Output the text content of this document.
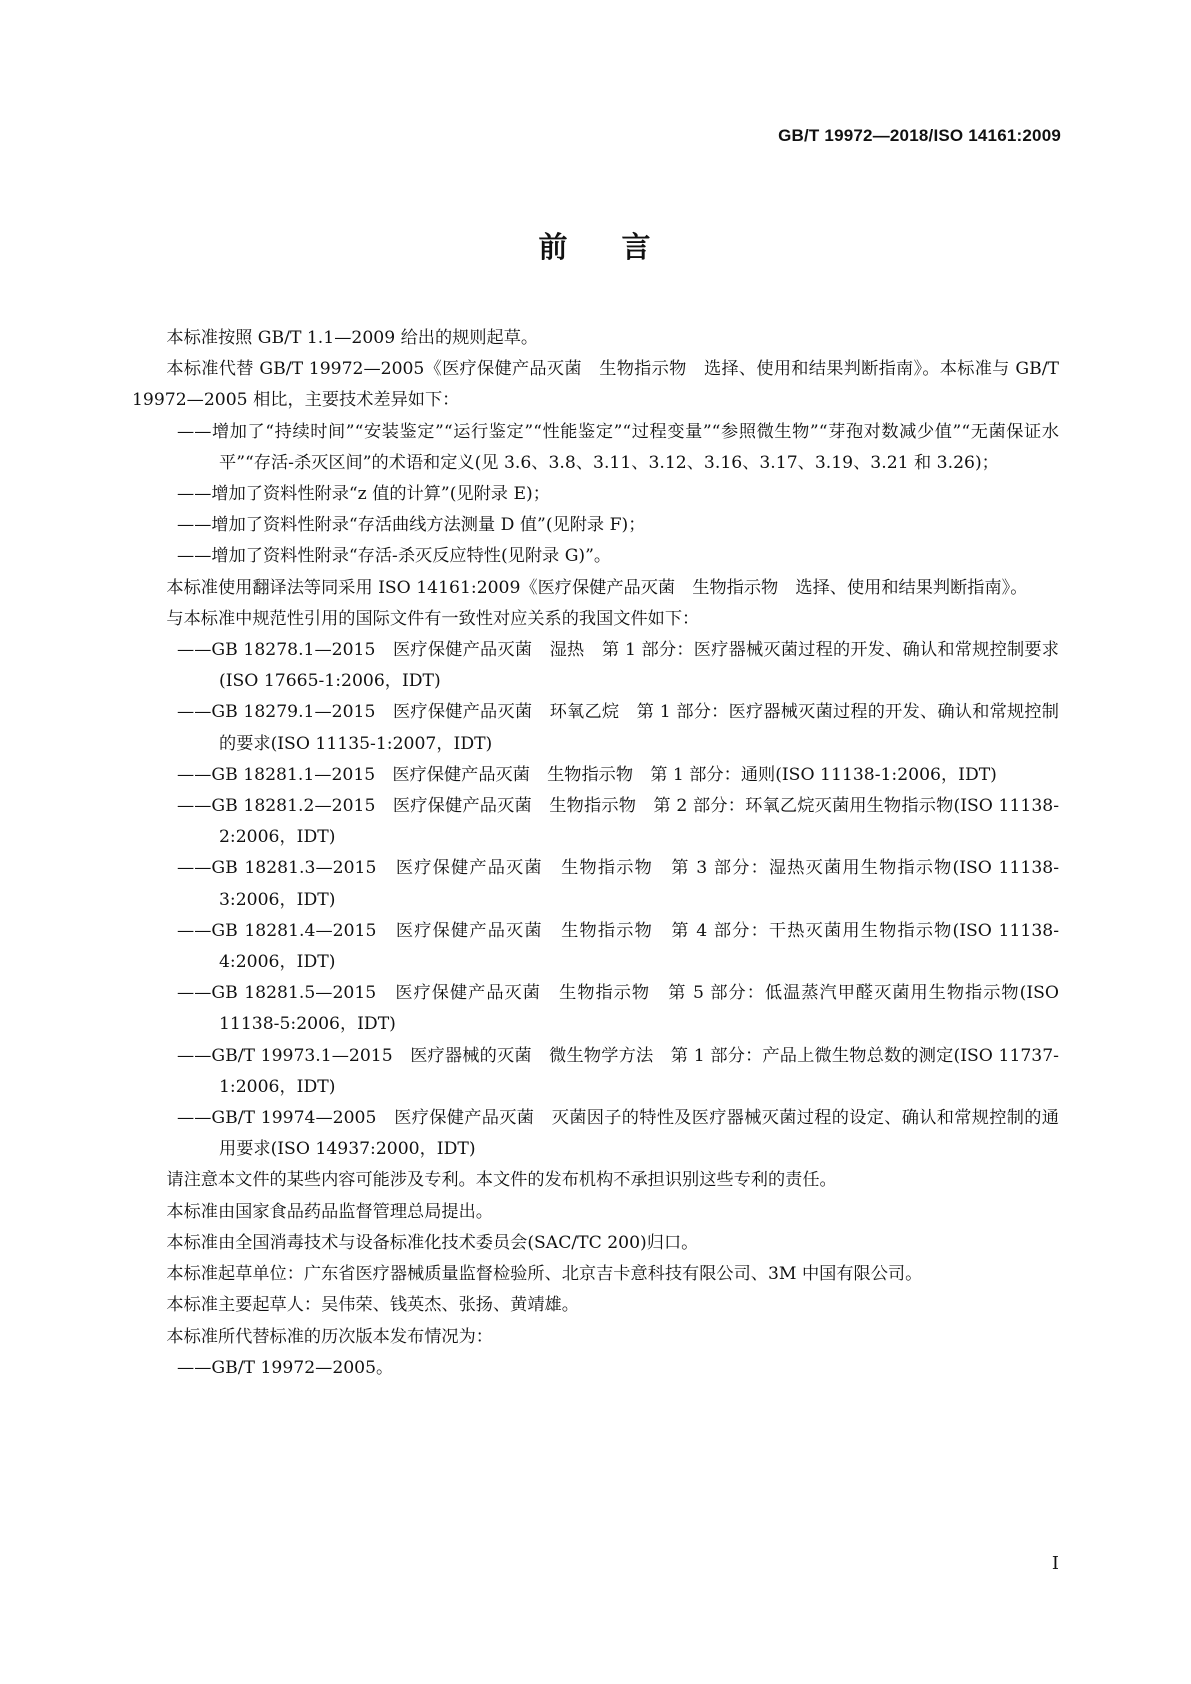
GB/T 19972—2018/ISO 14161:2009
前 言
本标准按照 GB/T 1.1—2009 给出的规则起草。
本标准代替 GB/T 19972—2005《医疗保健产品灭菌　生物指示物　选择、使用和结果判断指南》。本标准与 GB/T 19972—2005 相比，主要技术差异如下：
——增加了“持续时间”“安装鉴定”“运行鉴定”“性能鉴定”“过程变量”“参照微生物”“芽孢对数减少值”“无菌保证水平”“存活-杀灭区间”的术语和定义(见 3.6、3.8、3.11、3.12、3.16、3.17、3.19、3.21 和 3.26)；
——增加了资料性附录“z 值的计算”(见附录 E)；
——增加了资料性附录“存活曲线方法测量 D 值”(见附录 F)；
——增加了资料性附录“存活-杀灭反应特性(见附录 G)”。
本标准使用翻译法等同采用 ISO 14161:2009《医疗保健产品灭菌　生物指示物　选择、使用和结果判断指南》。
与本标准中规范性引用的国际文件有一致性对应关系的我国文件如下：
——GB 18278.1—2015　医疗保健产品灭菌　湿热　第 1 部分：医疗器械灭菌过程的开发、确认和常规控制要求(ISO 17665-1:2006，IDT)
——GB 18279.1—2015　医疗保健产品灭菌　环氧乙烷　第 1 部分：医疗器械灭菌过程的开发、确认和常规控制的要求(ISO 11135-1:2007，IDT)
——GB 18281.1—2015　医疗保健产品灭菌　生物指示物　第 1 部分：通则(ISO 11138-1:2006，IDT)
——GB 18281.2—2015　医疗保健产品灭菌　生物指示物　第 2 部分：环氧乙烷灭菌用生物指示物(ISO 11138-2:2006，IDT)
——GB 18281.3—2015　医疗保健产品灭菌　生物指示物　第 3 部分：湿热灭菌用生物指示物(ISO 11138-3:2006，IDT)
——GB 18281.4—2015　医疗保健产品灭菌　生物指示物　第 4 部分：干热灭菌用生物指示物(ISO 11138-4:2006，IDT)
——GB 18281.5—2015　医疗保健产品灭菌　生物指示物　第 5 部分：低温蒸汽甲醛灭菌用生物指示物(ISO 11138-5:2006，IDT)
——GB/T 19973.1—2015　医疗器械的灭菌　微生物学方法　第 1 部分：产品上微生物总数的测定(ISO 11737-1:2006，IDT)
——GB/T 19974—2005　医疗保健产品灭菌　灭菌因子的特性及医疗器械灭菌过程的设定、确认和常规控制的通用要求(ISO 14937:2000，IDT)
请注意本文件的某些内容可能涉及专利。本文件的发布机构不承担识别这些专利的责任。
本标准由国家食品药品监督管理总局提出。
本标准由全国消毒技术与设备标准化技术委员会(SAC/TC 200)归口。
本标准起草单位：广东省医疗器械质量监督检验所、北京吉卡意科技有限公司、3M 中国有限公司。
本标准主要起草人：吴伟荣、钱英杰、张扬、黄靖雄。
本标准所代替标准的历次版本发布情况为：
——GB/T 19972—2005。
I
